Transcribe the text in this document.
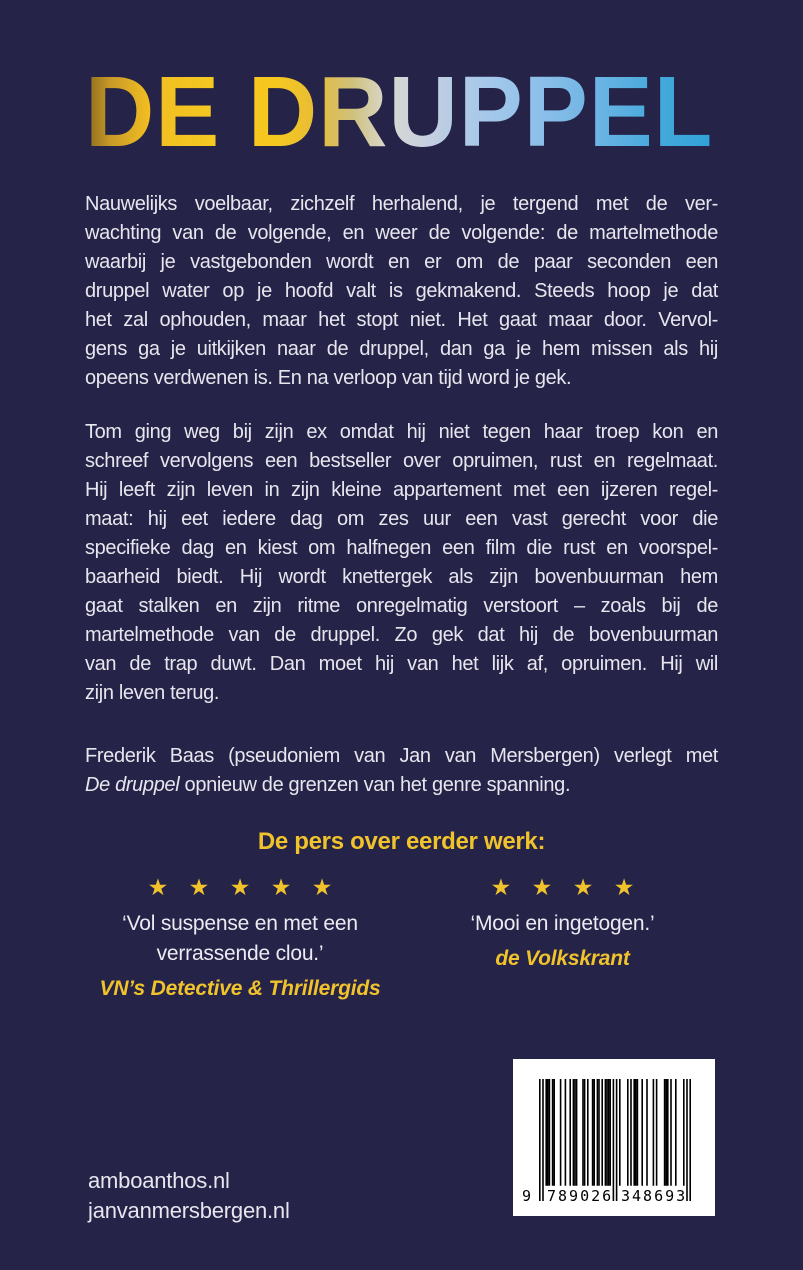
DE DRUPPEL
Nauwelijks voelbaar, zichzelf herhalend, je tergend met de ver-
wachting van de volgende, en weer de volgende: de martelmethode
waarbij je vastgebonden wordt en er om de paar seconden een
druppel water op je hoofd valt is gekmakend. Steeds hoop je dat
het zal ophouden, maar het stopt niet. Het gaat maar door. Vervol-
gens ga je uitkijken naar de druppel, dan ga je hem missen als hij
opeens verdwenen is. En na verloop van tijd word je gek.
Tom ging weg bij zijn ex omdat hij niet tegen haar troep kon en
schreef vervolgens een bestseller over opruimen, rust en regelmaat.
Hij leeft zijn leven in zijn kleine appartement met een ijzeren regel-
maat: hij eet iedere dag om zes uur een vast gerecht voor die
specifieke dag en kiest om halfnegen een film die rust en voorspel-
baarheid biedt. Hij wordt knettergek als zijn bovenbuurman hem
gaat stalken en zijn ritme onregelmatig verstoort – zoals bij de
martelmethode van de druppel. Zo gek dat hij de bovenbuurman
van de trap duwt. Dan moet hij van het lijk af, opruimen. Hij wil
zijn leven terug.
Frederik Baas (pseudoniem van Jan van Mersbergen) verlegt met
De druppel opnieuw de grenzen van het genre spanning.
De pers over eerder werk:
★ ★ ★ ★ ★
‘Vol suspense en met een verrassende clou.’
VN’s Detective & Thrillergids
★ ★ ★ ★
‘Mooi en ingetogen.’
de Volkskrant
9 789026 348693
amboanthos.nl
janvanmersbergen.nl
